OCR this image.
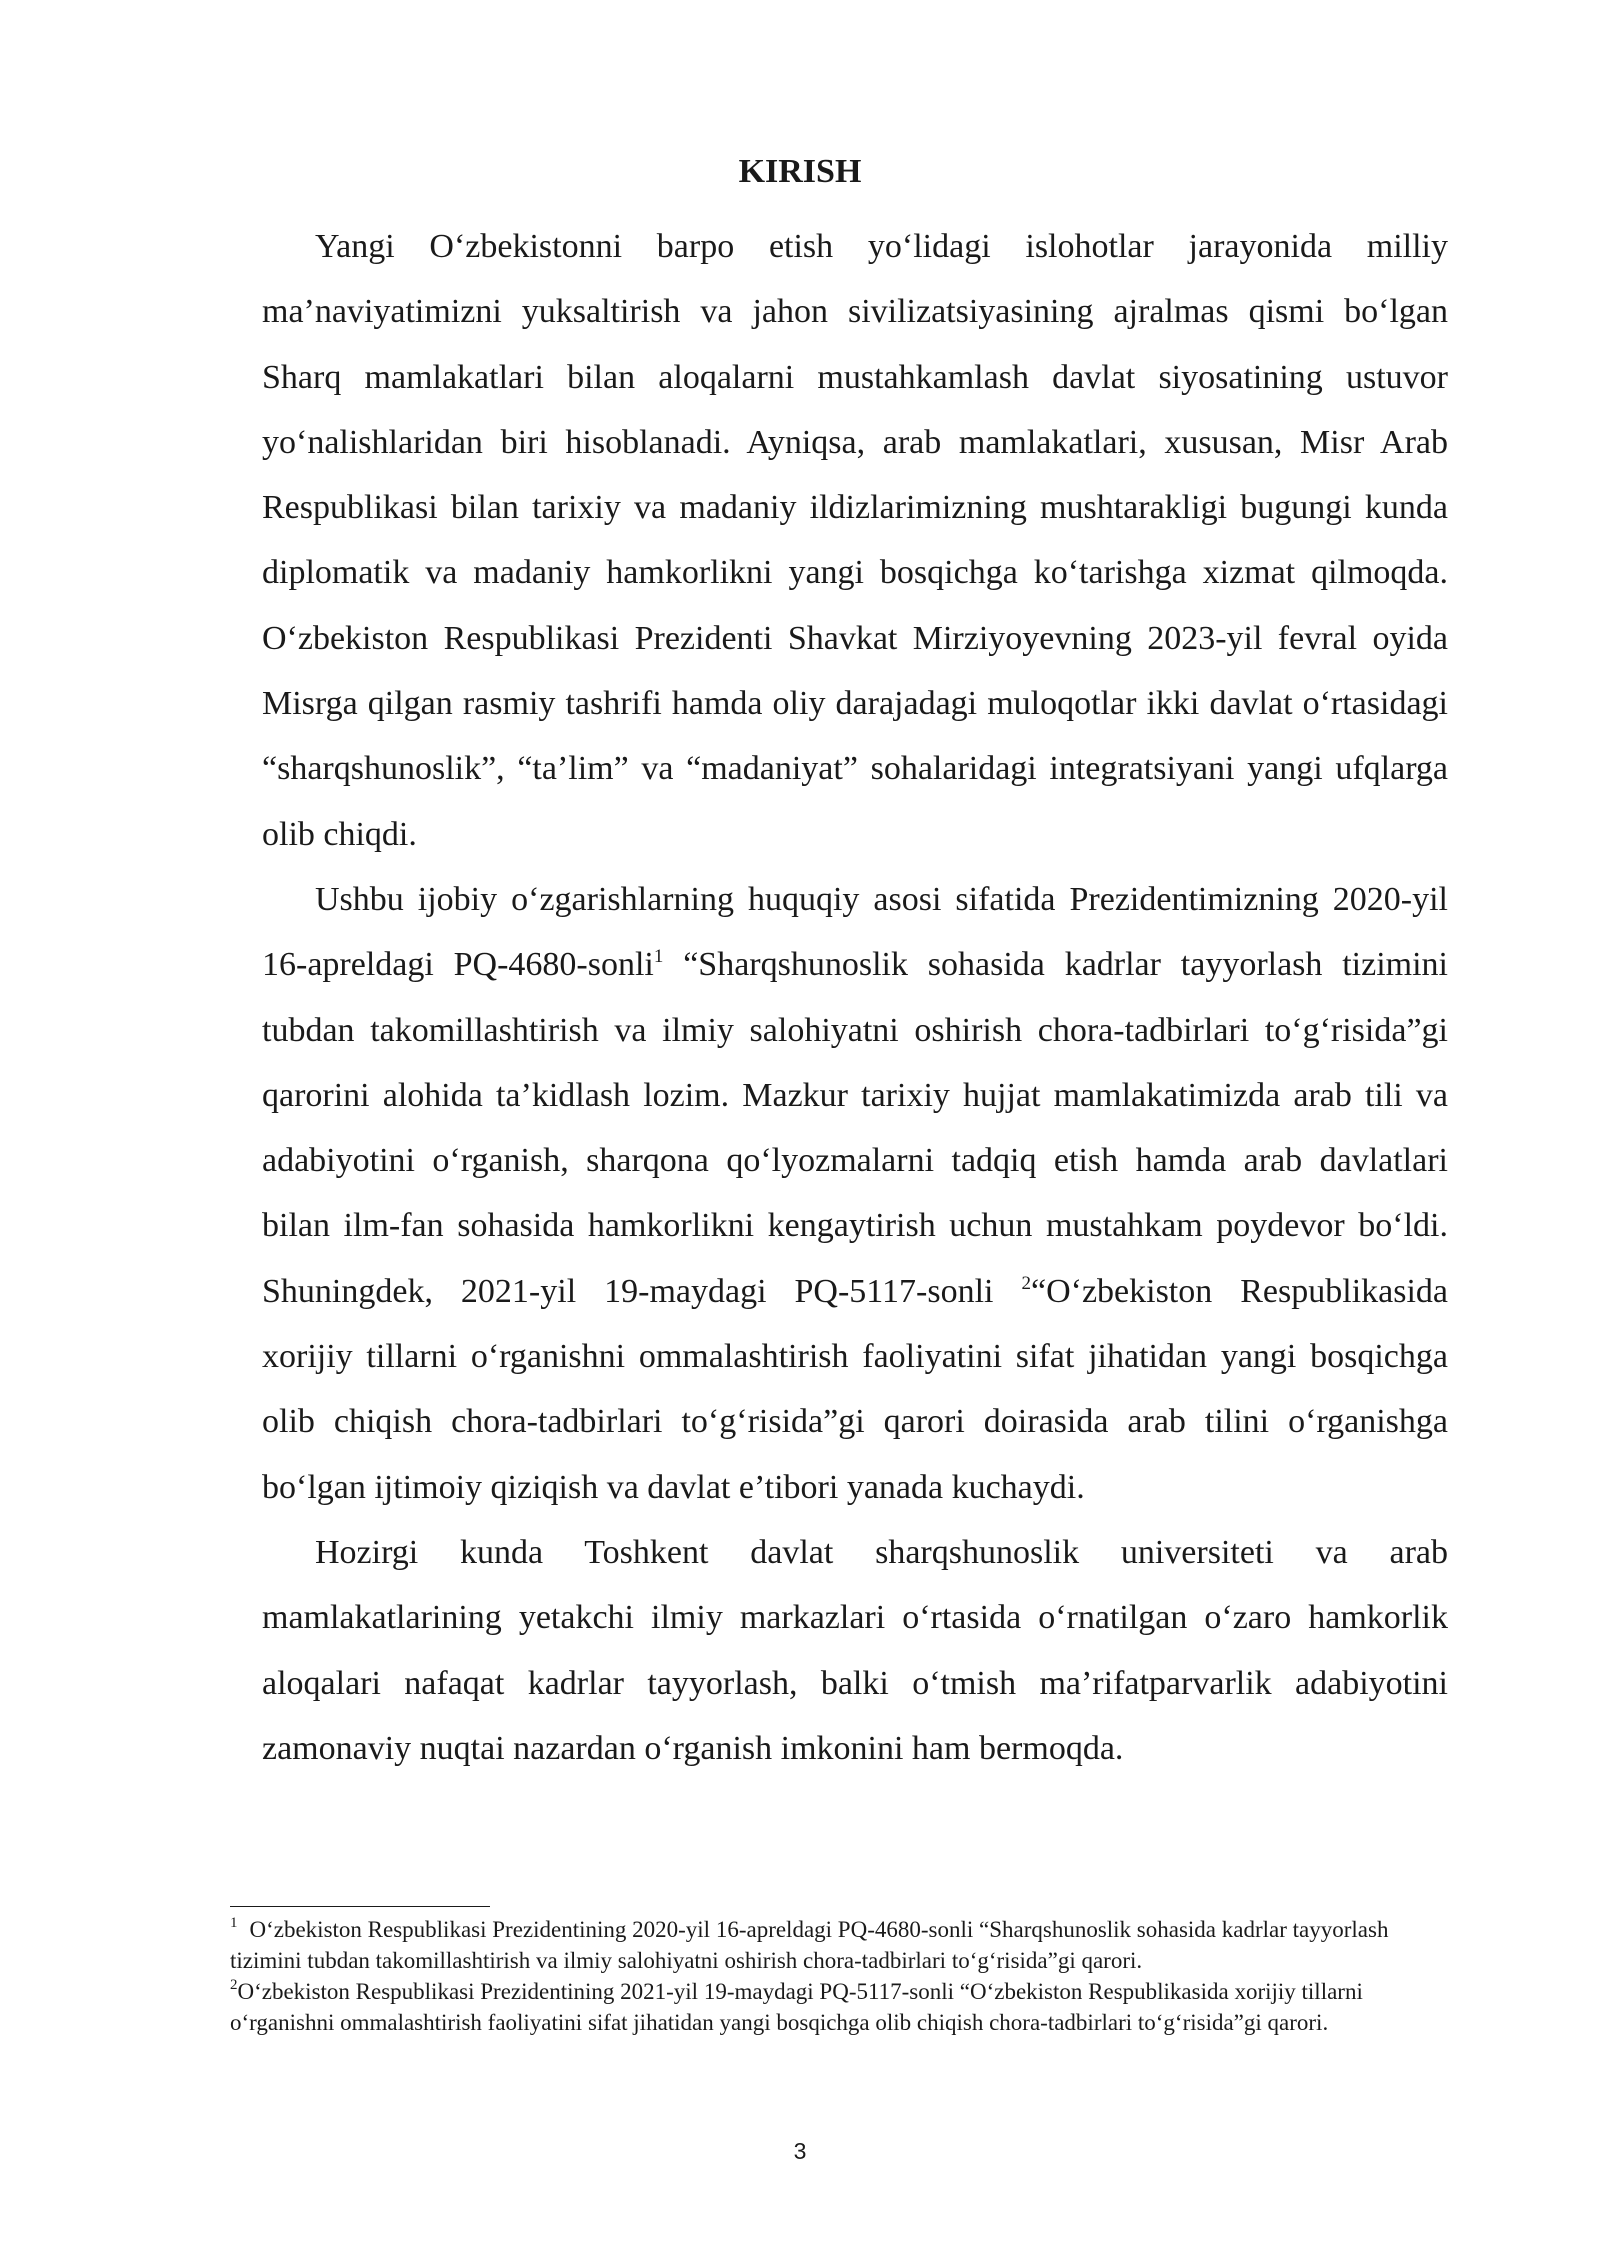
KIRISH

Yangi O‘zbekistonni barpo etish yo‘lidagi islohotlar jarayonida milliy ma’naviyatimizni yuksaltirish va jahon sivilizatsiyasining ajralmas qismi bo‘lgan Sharq mamlakatlari bilan aloqalarni mustahkamlash davlat siyosatining ustuvor yo‘nalishlaridan biri hisoblanadi. Ayniqsa, arab mamlakatlari, xususan, Misr Arab Respublikasi bilan tarixiy va madaniy ildizlarimizning mushtarakligi bugungi kunda diplomatik va madaniy hamkorlikni yangi bosqichga ko‘tarishga xizmat qilmoqda. O‘zbekiston Respublikasi Prezidenti Shavkat Mirziyoyevning 2023-yil fevral oyida Misrga qilgan rasmiy tashrifi hamda oliy darajadagi muloqotlar ikki davlat o‘rtasidagi “sharqshunoslik”, “ta’lim” va “madaniyat” sohalaridagi integratsiyani yangi ufqlarga olib chiqdi.

Ushbu ijobiy o‘zgarishlarning huquqiy asosi sifatida Prezidentimizning 2020-yil 16-apreldagi PQ-4680-sonli$^1$ “Sharqshunoslik sohasida kadrlar tayyorlash tizimini tubdan takomillashtirish va ilmiy salohiyatni oshirish chora-tadbirlari to‘g‘risida”gi qarorini alohida ta’kidlash lozim. Mazkur tarixiy hujjat mamlakatimizda arab tili va adabiyotini o‘rganish, sharqona qo‘lyozmalarni tadqiq etish hamda arab davlatlari bilan ilm-fan sohasida hamkorlikni kengaytirish uchun mustahkam poydevor bo‘ldi. Shuningdek, 2021-yil 19-maydagi PQ-5117-sonli $^2$“O‘zbekiston Respublikasida xorijiy tillarni o‘rganishni ommalashtirish faoliyatini sifat jihatidan yangi bosqichga olib chiqish chora-tadbirlari to‘g‘risida”gi qarori doirasida arab tilini o‘rganishga bo‘lgan ijtimoiy qiziqish va davlat e’tibori yanada kuchaydi.

Hozirgi kunda Toshkent davlat sharqshunoslik universiteti va arab mamlakatlarining yetakchi ilmiy markazlari o‘rtasida o‘rnatilgan o‘zaro hamkorlik aloqalari nafaqat kadrlar tayyorlash, balki o‘tmish ma’rifatparvarlik adabiyotini zamonaviy nuqtai nazardan o‘rganish imkonini ham bermoqda.

$^1$ O‘zbekiston Respublikasi Prezidentining 2020-yil 16-apreldagi PQ-4680-sonli “Sharqshunoslik sohasida kadrlar tayyorlash tizimini tubdan takomillashtirish va ilmiy salohiyatni oshirish chora-tadbirlari to‘g‘risida”gi qarori.

$^2$O‘zbekiston Respublikasi Prezidentining 2021-yil 19-maydagi PQ-5117-sonli “O‘zbekiston Respublikasida xorijiy tillarni o‘rganishni ommalashtirish faoliyatini sifat jihatidan yangi bosqichga olib chiqish chora-tadbirlari to‘g‘risida”gi qarori.

3
